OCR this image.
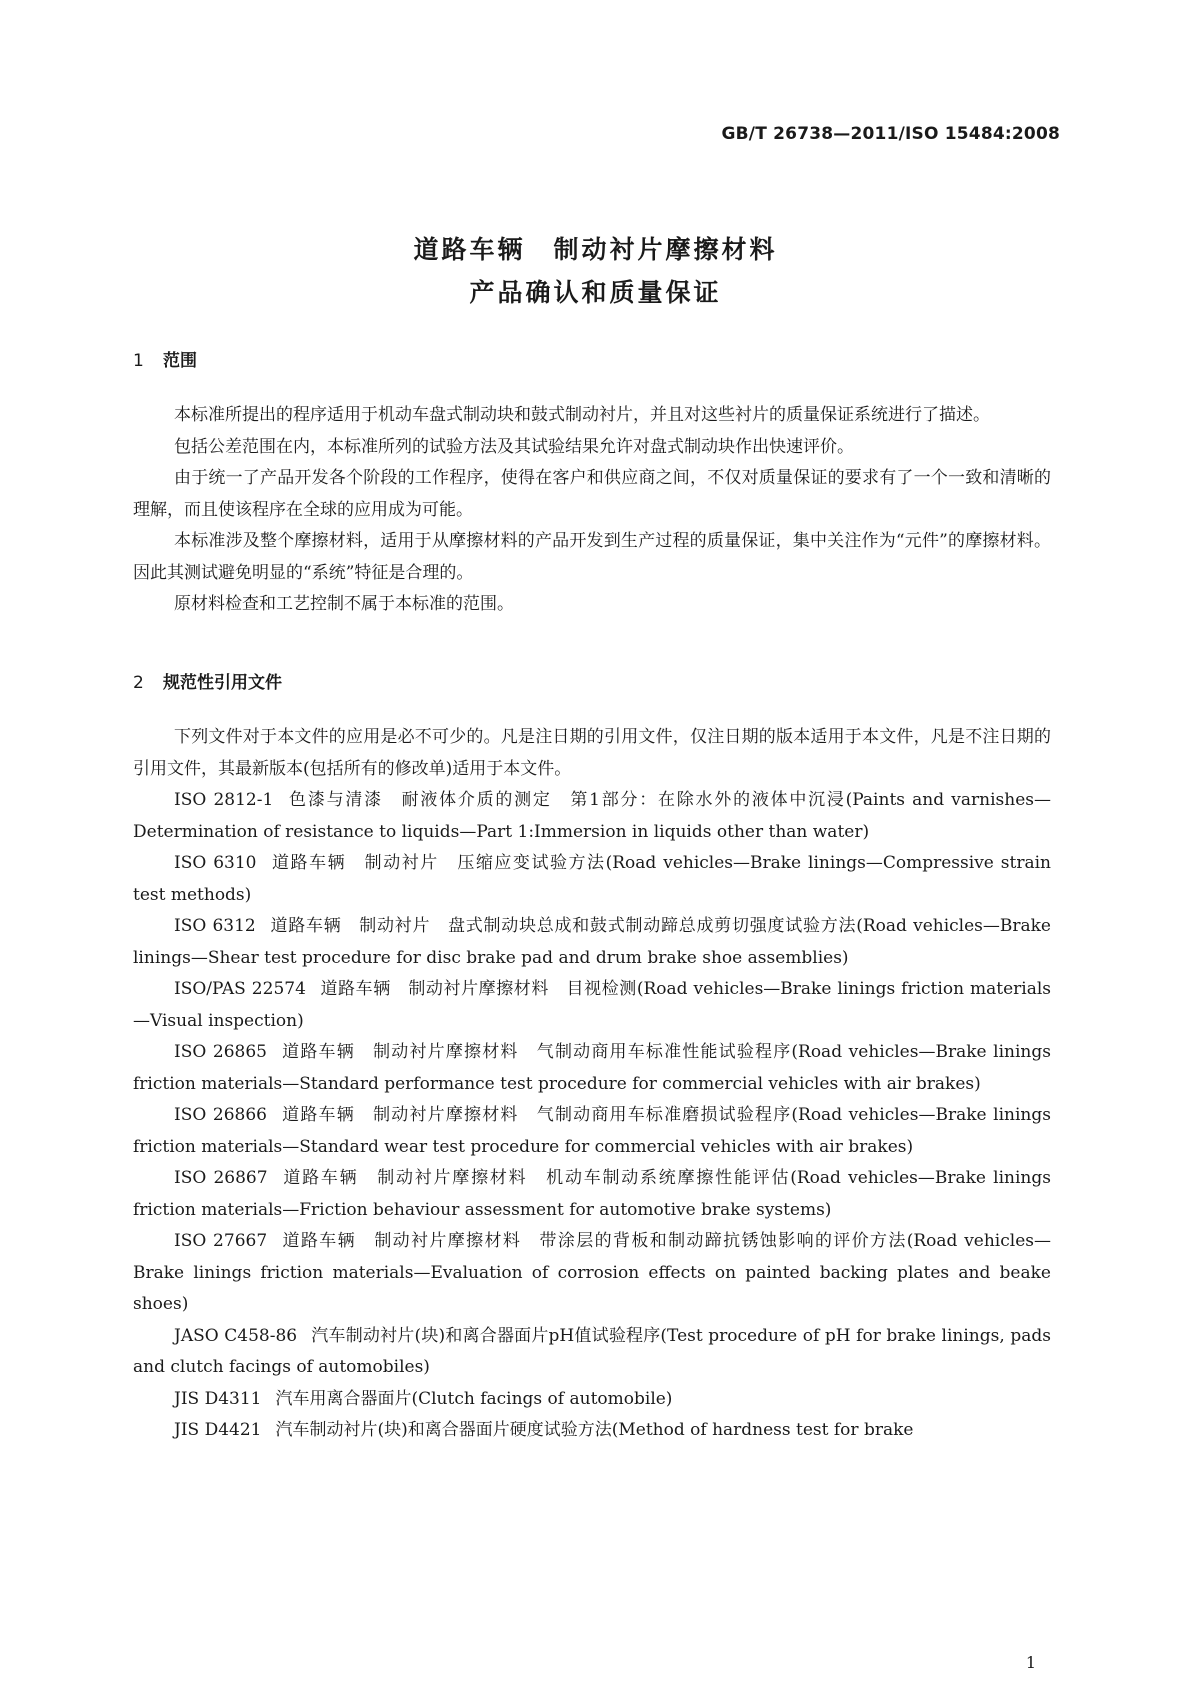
GB/T 26738—2011/ISO 15484:2008
道路车辆　制动衬片摩擦材料
产品确认和质量保证
1 范围

本标准所提出的程序适用于机动车盘式制动块和鼓式制动衬片，并且对这些衬片的质量保证系统进行了描述。

包括公差范围在内，本标准所列的试验方法及其试验结果允许对盘式制动块作出快速评价。

由于统一了产品开发各个阶段的工作程序，使得在客户和供应商之间，不仅对质量保证的要求有了一个一致和清晰的理解，而且使该程序在全球的应用成为可能。

本标准涉及整个摩擦材料，适用于从摩擦材料的产品开发到生产过程的质量保证，集中关注作为“元件”的摩擦材料。因此其测试避免明显的“系统”特征是合理的。

原材料检查和工艺控制不属于本标准的范围。

2 规范性引用文件

下列文件对于本文件的应用是必不可少的。凡是注日期的引用文件，仅注日期的版本适用于本文件，凡是不注日期的引用文件，其最新版本(包括所有的修改单)适用于本文件。

ISO 2812-1 色漆与清漆　耐液体介质的测定　第1部分：在除水外的液体中沉浸(Paints and varnishes—Determination of resistance to liquids—Part 1:Immersion in liquids other than water)

ISO 6310 道路车辆　制动衬片　压缩应变试验方法(Road vehicles—Brake linings—Compressive strain test methods)

ISO 6312 道路车辆　制动衬片　盘式制动块总成和鼓式制动蹄总成剪切强度试验方法(Road vehicles—Brake linings—Shear test procedure for disc brake pad and drum brake shoe assemblies)

ISO/PAS 22574 道路车辆　制动衬片摩擦材料　目视检测(Road vehicles—Brake linings friction materials—Visual inspection)

ISO 26865 道路车辆　制动衬片摩擦材料　气制动商用车标准性能试验程序(Road vehicles—Brake linings friction materials—Standard performance test procedure for commercial vehicles with air brakes)

ISO 26866 道路车辆　制动衬片摩擦材料　气制动商用车标准磨损试验程序(Road vehicles—Brake linings friction materials—Standard wear test procedure for commercial vehicles with air brakes)

ISO 26867 道路车辆　制动衬片摩擦材料　机动车制动系统摩擦性能评估(Road vehicles—Brake linings friction materials—Friction behaviour assessment for automotive brake systems)

ISO 27667 道路车辆　制动衬片摩擦材料　带涂层的背板和制动蹄抗锈蚀影响的评价方法(Road vehicles—Brake linings friction materials—Evaluation of corrosion effects on painted backing plates and beake shoes)

JASO C458-86 汽车制动衬片(块)和离合器面片pH值试验程序(Test procedure of pH for brake linings, pads and clutch facings of automobiles)

JIS D4311 汽车用离合器面片(Clutch facings of automobile)

JIS D4421 汽车制动衬片(块)和离合器面片硬度试验方法(Method of hardness test for brake

1
